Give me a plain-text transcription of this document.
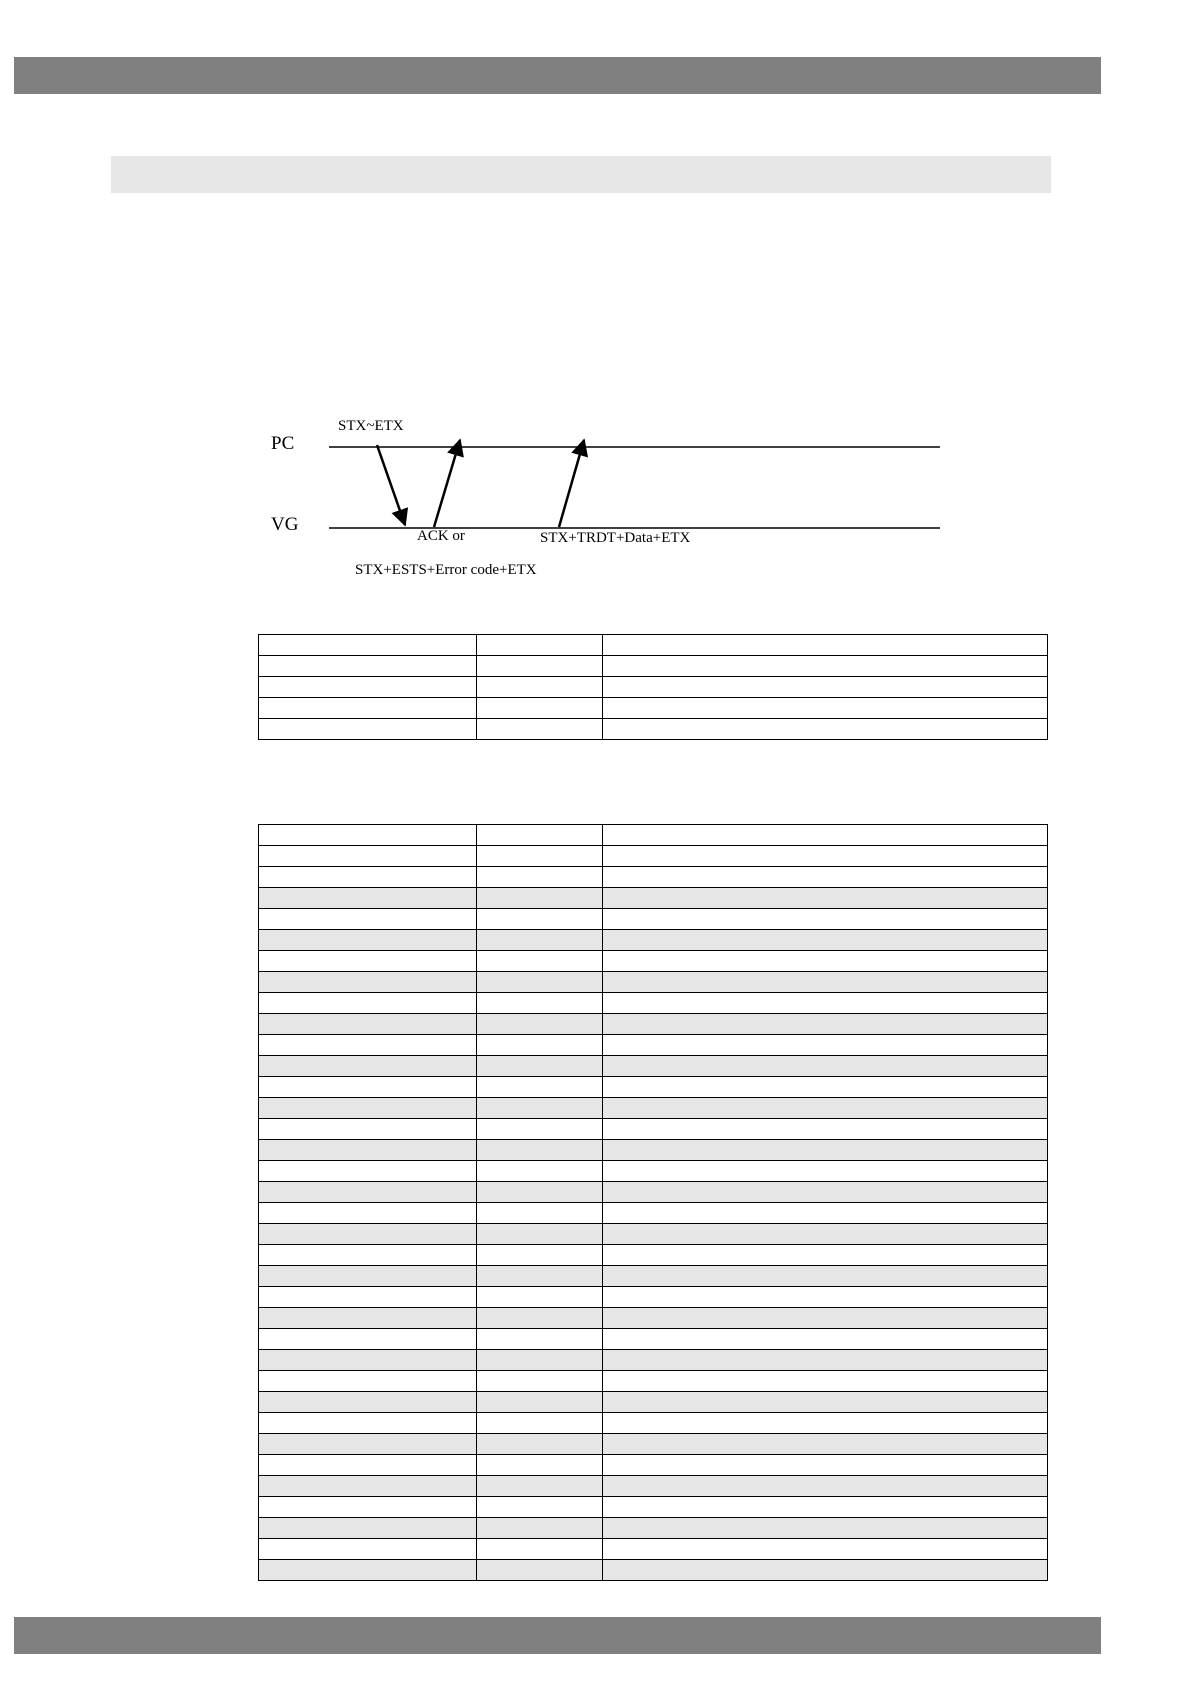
PC
VG
STX~ETX
ACK or
STX+ESTS+Error code+ETX
STX+TRDT+Data+ETX
